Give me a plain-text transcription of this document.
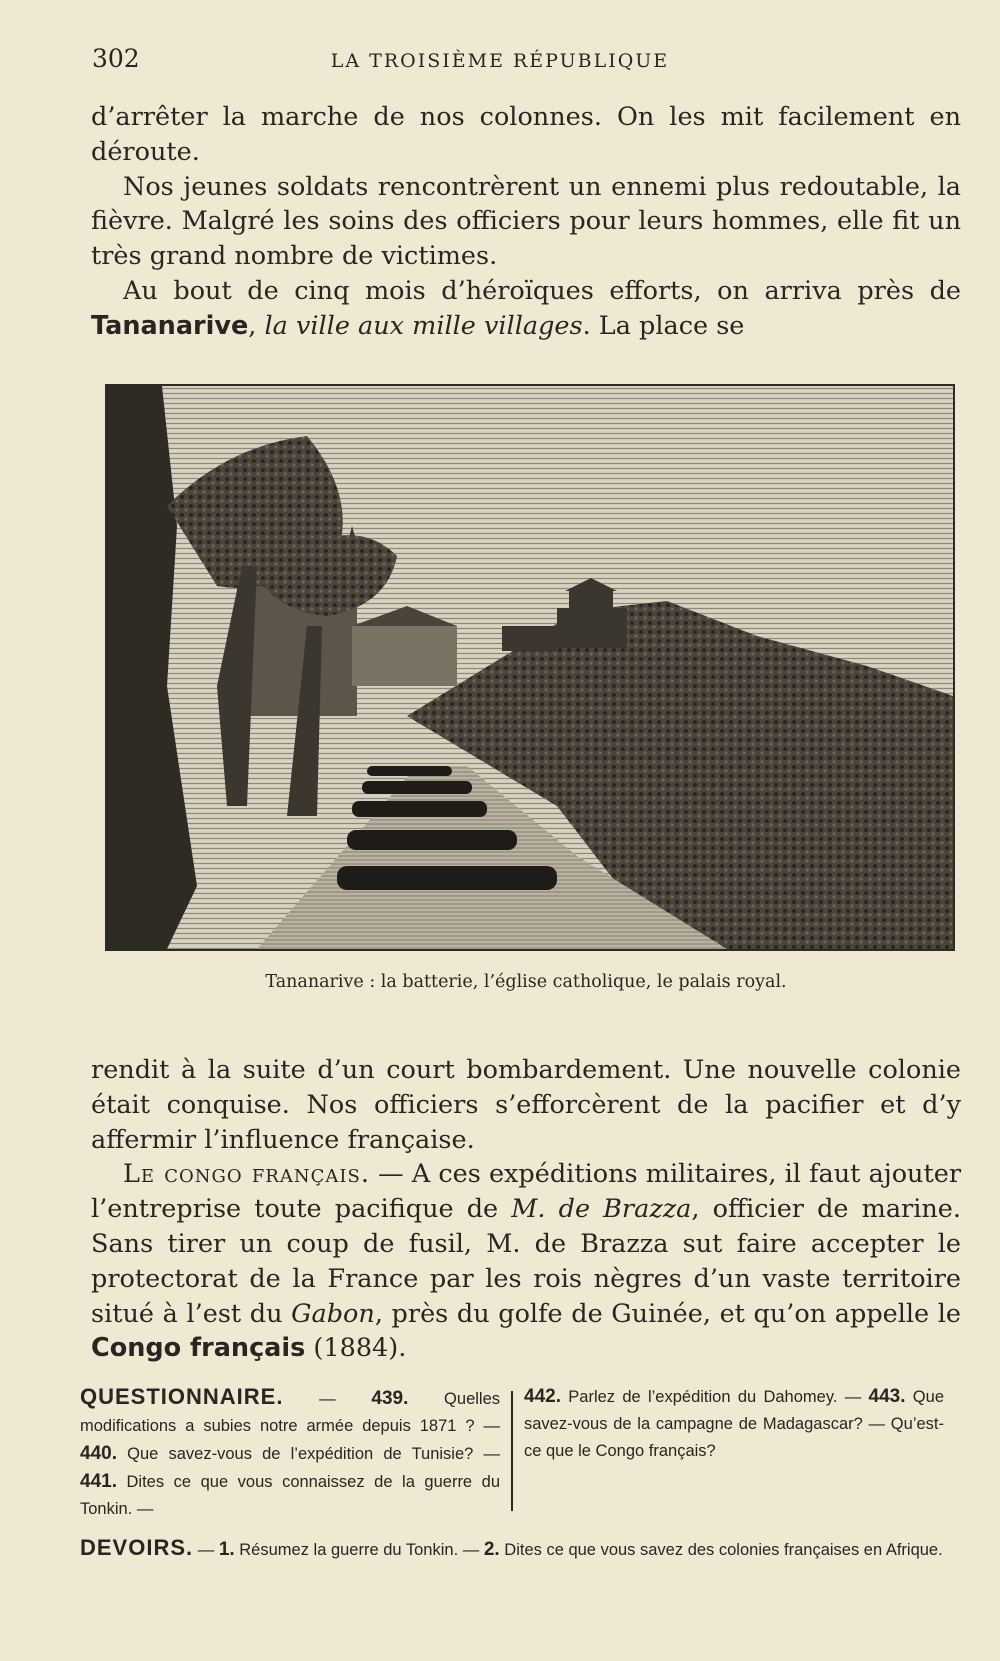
302	LA TROISIÈME RÉPUBLIQUE

d’arrêter la marche de nos colonnes. On les mit facilement en déroute.

Nos jeunes soldats rencontrèrent un ennemi plus redoutable, la fièvre. Malgré les soins des officiers pour leurs hommes, elle fit un très grand nombre de victimes.

Au bout de cinq mois d’héroïques efforts, on arriva près de Tananarive, la ville aux mille villages. La place se

Tananarive : la batterie, l’église catholique, le palais royal.

rendit à la suite d’un court bombardement. Une nouvelle colonie était conquise. Nos officiers s’efforcèrent de la pacifier et d’y affermir l’influence française.

Le congo français. — A ces expéditions militaires, il faut ajouter l’entreprise toute pacifique de M. de Brazza, officier de marine. Sans tirer un coup de fusil, M. de Brazza sut faire accepter le protectorat de la France par les rois nègres d’un vaste territoire situé à l’est du Gabon, près du golfe de Guinée, et qu’on appelle le Congo français (1884).

QUESTIONNAIRE. — 439. Quelles modifications a subies notre armée depuis 1871 ? — 440. Que savez-vous de l’expédition de Tunisie? — 441. Dites ce que vous connaissez de la guerre du Tonkin. —
442. Parlez de l’expédition du Dahomey. — 443. Que savez-vous de la campagne de Madagascar? — Qu’est-ce que le Congo français?
DEVOIRS. — 1. Résumez la guerre du Tonkin. — 2. Dites ce que vous savez des colonies françaises en Afrique.
